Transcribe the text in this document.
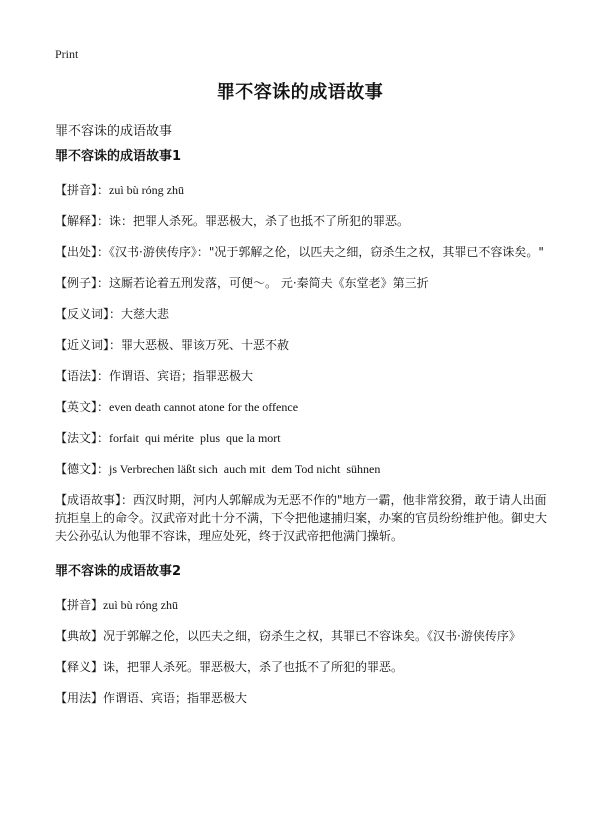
Print
罪不容诛的成语故事
罪不容诛的成语故事
罪不容诛的成语故事1
【拼音】：zuì bù róng zhū
【解释】：诛：把罪人杀死。罪恶极大，杀了也抵不了所犯的罪恶。
【出处】：《汉书·游侠传序》："况于郭解之伦，以匹夫之细，窃杀生之权，其罪已不容诛矣。"
【例子】：这厮若论着五刑发落，可便～。 元·秦简夫《东堂老》第三折
【反义词】：大慈大悲
【近义词】：罪大恶极、罪该万死、十恶不赦
【语法】：作谓语、宾语；指罪恶极大
【英文】：even death cannot atone for the offence
【法文】：forfait  qui mérite  plus  que la mort
【德文】：js Verbrechen läßt sich  auch mit  dem Tod nicht  sühnen
【成语故事】：西汉时期，河内人郭解成为无恶不作的"地方一霸，他非常狡猾，敢于请人出面抗拒皇上的命令。汉武帝对此十分不满，下令把他逮捕归案，办案的官员纷纷维护他。御史大夫公孙弘认为他罪不容诛，理应处死，终于汉武帝把他满门操斩。
罪不容诛的成语故事2
【拼音】zuì bù róng zhū
【典故】况于郭解之伦，以匹夫之细，窃杀生之权，其罪已不容诛矣。《汉书·游侠传序》
【释义】诛，把罪人杀死。罪恶极大，杀了也抵不了所犯的罪恶。
【用法】作谓语、宾语；指罪恶极大
